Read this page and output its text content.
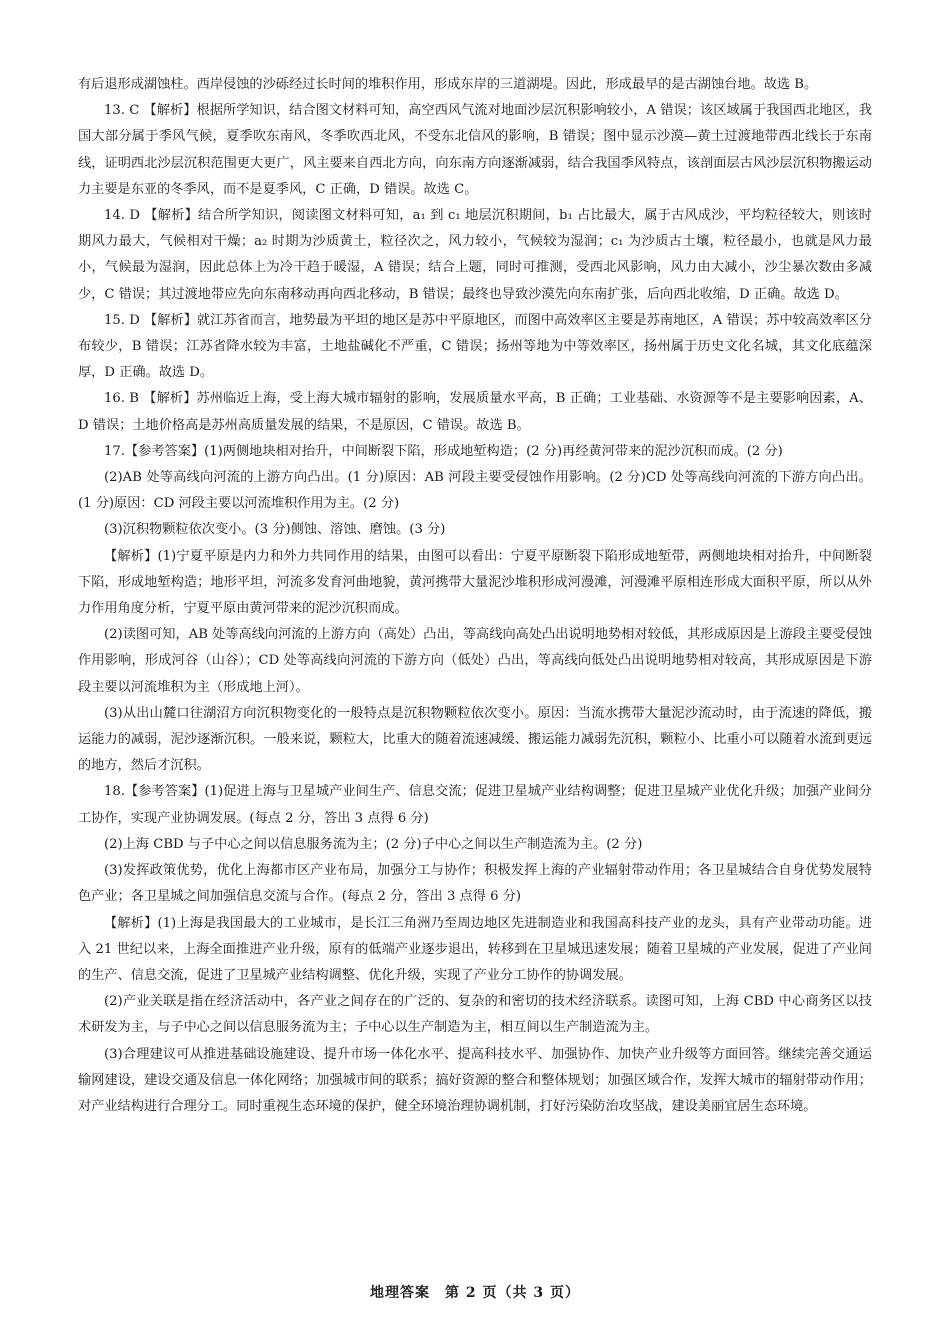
有后退形成湖蚀柱。西岸侵蚀的沙砾经过长时间的堆积作用，形成东岸的三道湖堤。因此，形成最早的是古湖蚀台地。故选 B。

13. C 【解析】根据所学知识，结合图文材料可知，高空西风气流对地面沙层沉积影响较小，A 错误；该区域属于我国西北地区，我国大部分属于季风气候，夏季吹东南风，冬季吹西北风，不受东北信风的影响，B 错误；图中显示沙漠—黄土过渡地带西北线长于东南线，证明西北沙层沉积范围更大更广，风主要来自西北方向，向东南方向逐渐减弱，结合我国季风特点，该剖面层古风沙层沉积物搬运动力主要是东亚的冬季风，而不是夏季风，C 正确，D 错误。故选 C。

14. D 【解析】结合所学知识，阅读图文材料可知，a₁ 到 c₁ 地层沉积期间，b₁ 占比最大，属于古风成沙，平均粒径较大，则该时期风力最大，气候相对干燥；a₂ 时期为沙质黄土，粒径次之，风力较小，气候较为湿润；c₁ 为沙质古土壤，粒径最小，也就是风力最小，气候最为湿润，因此总体上为冷干趋于暖湿，A 错误；结合上题，同时可推测，受西北风影响，风力由大减小，沙尘暴次数由多减少，C 错误；其过渡地带应先向东南移动再向西北移动，B 错误；最终也导致沙漠先向东南扩张，后向西北收缩，D 正确。故选 D。

15. D 【解析】就江苏省而言，地势最为平坦的地区是苏中平原地区，而图中高效率区主要是苏南地区，A 错误；苏中较高效率区分布较少，B 错误；江苏省降水较为丰富，土地盐碱化不严重，C 错误；扬州等地为中等效率区，扬州属于历史文化名城，其文化底蕴深厚，D 正确。故选 D。

16. B 【解析】苏州临近上海，受上海大城市辐射的影响，发展质量水平高，B 正确；工业基础、水资源等不是主要影响因素，A、D 错误；土地价格高是苏州高质量发展的结果，不是原因，C 错误。故选 B。

17.【参考答案】(1)两侧地块相对抬升，中间断裂下陷，形成地堑构造；(2 分)再经黄河带来的泥沙沉积而成。(2 分)

(2)AB 处等高线向河流的上游方向凸出。(1 分)原因：AB 河段主要受侵蚀作用影响。(2 分)CD 处等高线向河流的下游方向凸出。(1 分)原因：CD 河段主要以河流堆积作用为主。(2 分)

(3)沉积物颗粒依次变小。(3 分)侧蚀、溶蚀、磨蚀。(3 分)

【解析】(1)宁夏平原是内力和外力共同作用的结果，由图可以看出：宁夏平原断裂下陷形成地堑带，两侧地块相对抬升，中间断裂下陷，形成地堑构造；地形平坦，河流多发育河曲地貌，黄河携带大量泥沙堆积形成河漫滩，河漫滩平原相连形成大面积平原，所以从外力作用角度分析，宁夏平原由黄河带来的泥沙沉积而成。

(2)读图可知，AB 处等高线向河流的上游方向（高处）凸出，等高线向高处凸出说明地势相对较低，其形成原因是上游段主要受侵蚀作用影响，形成河谷（山谷）；CD 处等高线向河流的下游方向（低处）凸出，等高线向低处凸出说明地势相对较高，其形成原因是下游段主要以河流堆积为主（形成地上河）。

(3)从出山麓口往湖沼方向沉积物变化的一般特点是沉积物颗粒依次变小。原因：当流水携带大量泥沙流动时，由于流速的降低，搬运能力的减弱，泥沙逐渐沉积。一般来说，颗粒大，比重大的随着流速减缓、搬运能力减弱先沉积，颗粒小、比重小可以随着水流到更远的地方，然后才沉积。

18.【参考答案】(1)促进上海与卫星城产业间生产、信息交流；促进卫星城产业结构调整；促进卫星城产业优化升级；加强产业间分工协作，实现产业协调发展。(每点 2 分，答出 3 点得 6 分)

(2)上海 CBD 与子中心之间以信息服务流为主；(2 分)子中心之间以生产制造流为主。(2 分)

(3)发挥政策优势，优化上海都市区产业布局，加强分工与协作；积极发挥上海的产业辐射带动作用；各卫星城结合自身优势发展特色产业；各卫星城之间加强信息交流与合作。(每点 2 分，答出 3 点得 6 分)

【解析】(1)上海是我国最大的工业城市，是长江三角洲乃至周边地区先进制造业和我国高科技产业的龙头，具有产业带动功能。进入 21 世纪以来，上海全面推进产业升级，原有的低端产业逐步退出，转移到在卫星城迅速发展；随着卫星城的产业发展，促进了产业间的生产、信息交流，促进了卫星城产业结构调整、优化升级，实现了产业分工协作的协调发展。

(2)产业关联是指在经济活动中，各产业之间存在的广泛的、复杂的和密切的技术经济联系。读图可知，上海 CBD 中心商务区以技术研发为主，与子中心之间以信息服务流为主；子中心以生产制造为主，相互间以生产制造流为主。

(3)合理建议可从推进基础设施建设、提升市场一体化水平、提高科技水平、加强协作、加快产业升级等方面回答。继续完善交通运输网建设，建设交通及信息一体化网络；加强城市间的联系；搞好资源的整合和整体规划；加强区域合作，发挥大城市的辐射带动作用；对产业结构进行合理分工。同时重视生态环境的保护，健全环境治理协调机制，打好污染防治攻坚战，建设美丽宜居生态环境。

地理答案　第 2 页（共 3 页）
